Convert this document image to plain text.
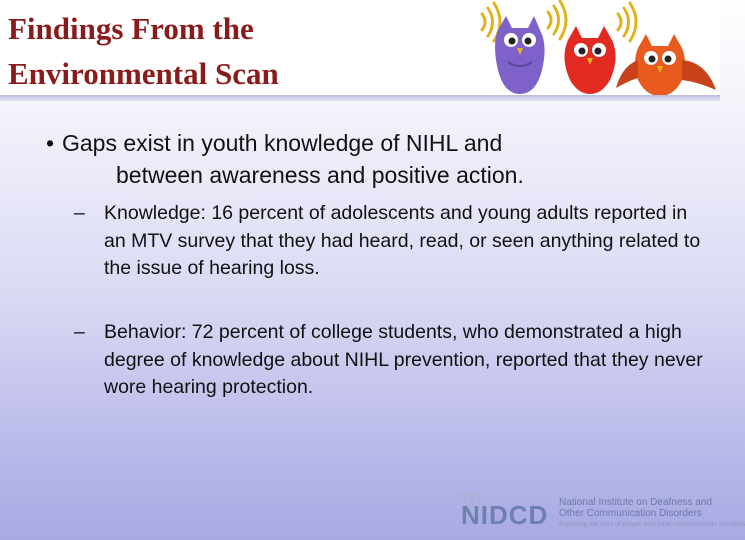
Findings From the Environmental Scan
• Gaps exist in youth knowledge of NIHL and
between awareness and positive action.
– Knowledge: 16 percent of adolescents and young adults reported in an MTV survey that they had heard, read, or seen anything related to the issue of hearing loss.
– Behavior: 72 percent of college students, who demonstrated a high degree of knowledge about NIHL prevention, reported that they never wore hearing protection.
NIDCD National Institute on Deafness and Other Communication Disorders
Improving the lives of people who have communication disorders
